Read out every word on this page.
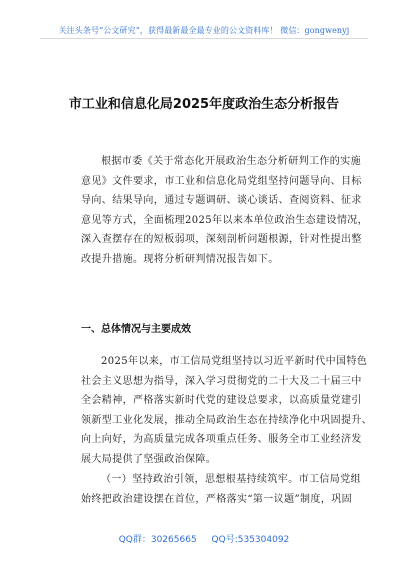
关注头条号“公文研究”，获得最新最全最专业的公文资料库！ 微信：gongwenyj
市工业和信息化局2025年度政治生态分析报告
根据市委《关于常态化开展政治生态分析研判工作的实施
意见》文件要求，市工业和信息化局党组坚持问题导向、目标
导向、结果导向，通过专题调研、谈心谈话、查阅资料、征求
意见等方式，全面梳理2025年以来本单位政治生态建设情况，
深入查摆存在的短板弱项，深刻剖析问题根源，针对性提出整
改提升措施。现将分析研判情况报告如下。
一、总体情况与主要成效
2025年以来，市工信局党组坚持以习近平新时代中国特色
社会主义思想为指导，深入学习贯彻党的二十大及二十届三中
全会精神，严格落实新时代党的建设总要求，以高质量党建引
领新型工业化发展，推动全局政治生态在持续净化中巩固提升、
向上向好，为高质量完成各项重点任务、服务全市工业经济发
展大局提供了坚强政治保障。
（一）坚持政治引领，思想根基持续筑牢。市工信局党组
始终把政治建设摆在首位，严格落实“第一议题”制度，巩固
QQ群：30265665 QQ号:535304092
